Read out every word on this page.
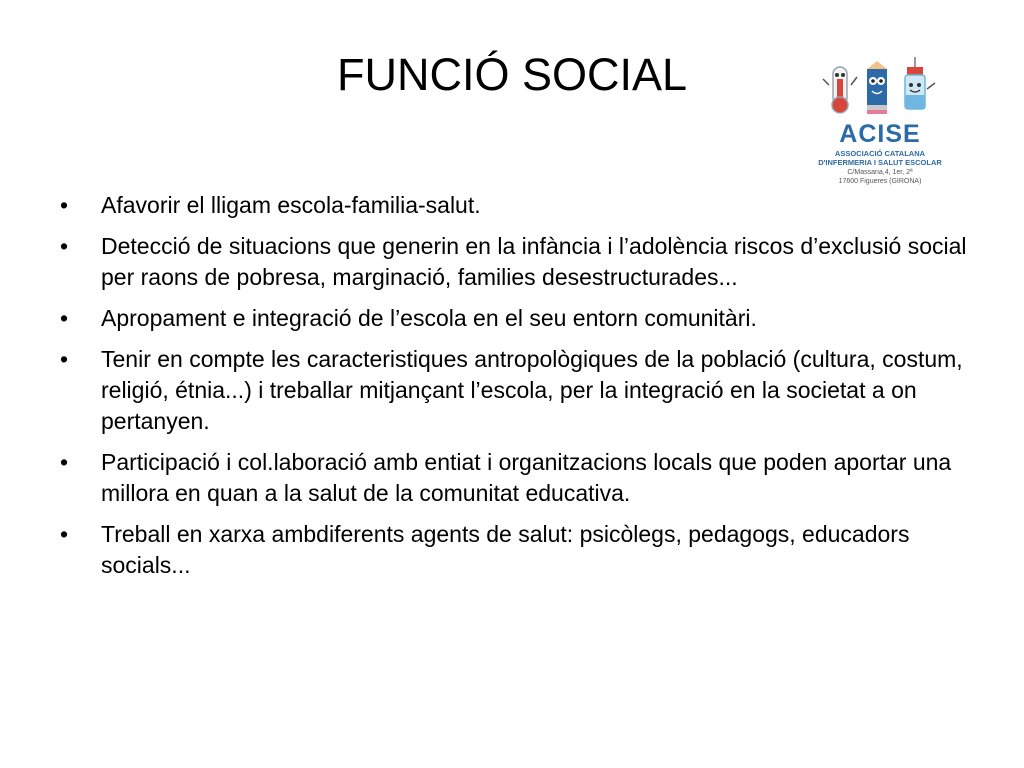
FUNCIÓ SOCIAL
ACISE
ASSOCIACIÓ CATALANA
D'INFERMERIA I SALUT ESCOLAR
C/Massana,4, 1er, 2ª
17600 Figueres (GIRONA)
•	Afavorir el lligam escola-familia-salut.
•	Detecció de situacions que generin en la infància i l’adolència riscos d’exclusió social per raons de pobresa, marginació, families desestructurades...
•	Apropament e integració de l’escola en el seu entorn comunitàri.
•	Tenir en compte les caracteristiques antropològiques de la població (cultura, costum, religió, étnia...) i treballar mitjançant l’escola, per la integració en la societat a on pertanyen.
•	Participació i col.laboració amb entiat i organitzacions locals que poden aportar una millora en quan a la salut de la comunitat educativa.
•	Treball en xarxa ambdiferents agents de salut: psicòlegs, pedagogs, educadors socials...
